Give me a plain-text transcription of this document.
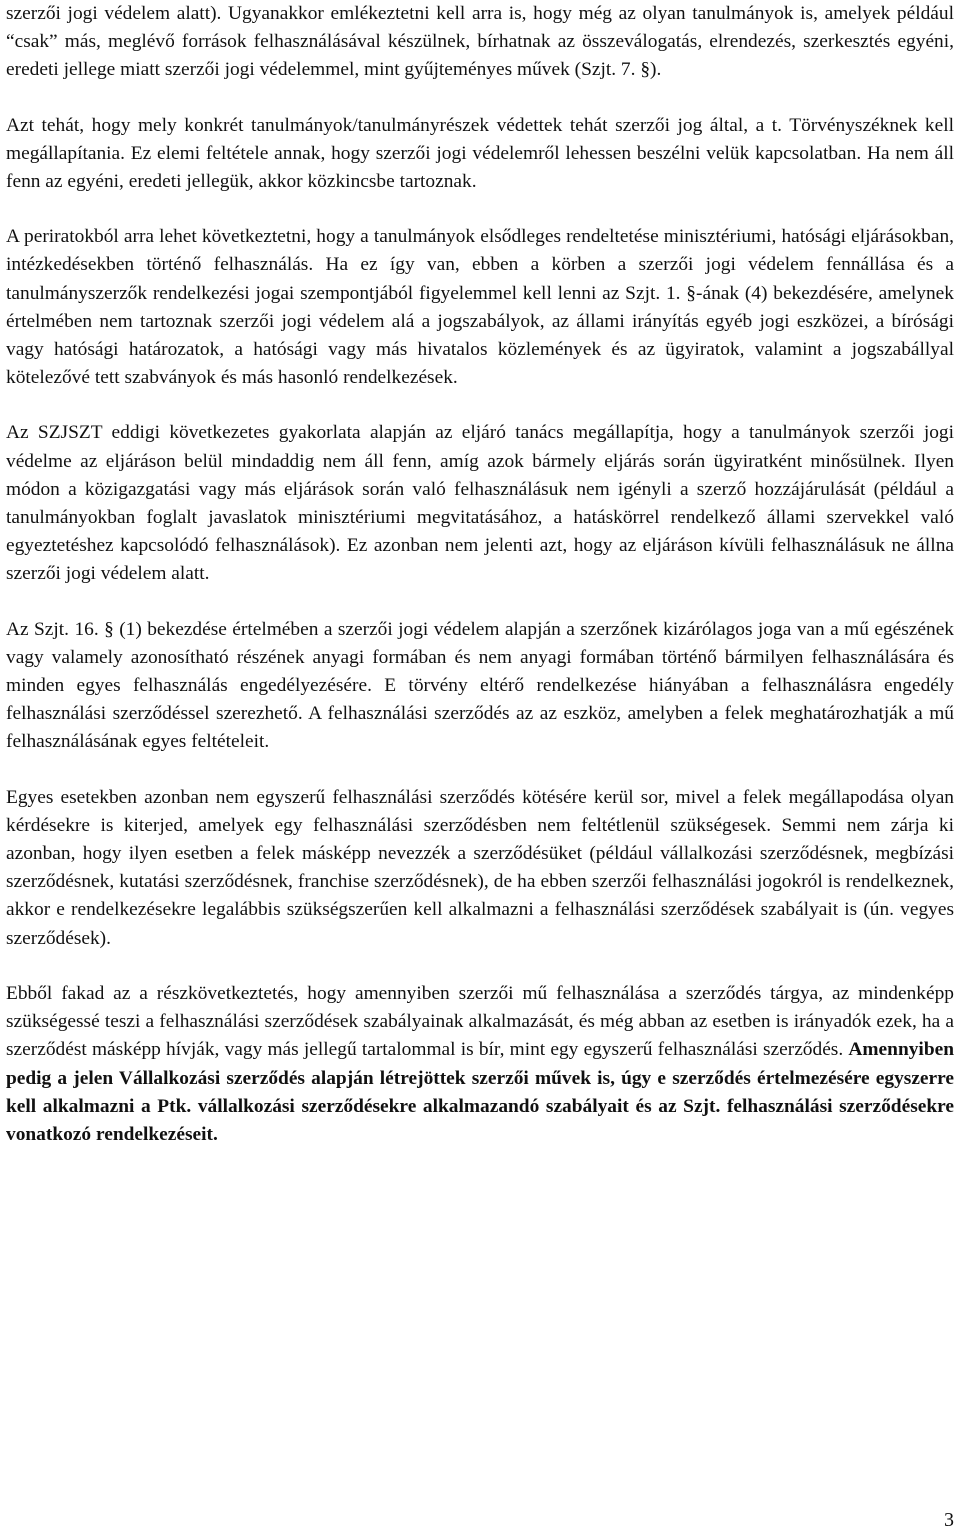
szerzői jogi védelem alatt). Ugyanakkor emlékeztetni kell arra is, hogy még az olyan tanulmányok is, amelyek például “csak” más, meglévő források felhasználásával készülnek, bírhatnak az összeválogatás, elrendezés, szerkesztés egyéni, eredeti jellege miatt szerzői jogi védelemmel, mint gyűjteményes művek (Szjt. 7. §).

Azt tehát, hogy mely konkrét tanulmányok/tanulmányrészek védettek tehát szerzői jog által, a t. Törvényszéknek kell megállapítania. Ez elemi feltétele annak, hogy szerzői jogi védelemről lehessen beszélni velük kapcsolatban. Ha nem áll fenn az egyéni, eredeti jellegük, akkor közkincsbe tartoznak.

A periratokból arra lehet következtetni, hogy a tanulmányok elsődleges rendeltetése minisztériumi, hatósági eljárásokban, intézkedésekben történő felhasználás. Ha ez így van, ebben a körben a szerzői jogi védelem fennállása és a tanulmányszerzők rendelkezési jogai szempontjából figyelemmel kell lenni az Szjt. 1. §-ának (4) bekezdésére, amelynek értelmében nem tartoznak szerzői jogi védelem alá a jogszabályok, az állami irányítás egyéb jogi eszközei, a bírósági vagy hatósági határozatok, a hatósági vagy más hivatalos közlemények és az ügyiratok, valamint a jogszabállyal kötelezővé tett szabványok és más hasonló rendelkezések.

Az SZJSZT eddigi következetes gyakorlata alapján az eljáró tanács megállapítja, hogy a tanulmányok szerzői jogi védelme az eljáráson belül mindaddig nem áll fenn, amíg azok bármely eljárás során ügyiratként minősülnek. Ilyen módon a közigazgatási vagy más eljárások során való felhasználásuk nem igényli a szerző hozzájárulását (például a tanulmányokban foglalt javaslatok minisztériumi megvitatásához, a hatáskörrel rendelkező állami szervekkel való egyeztetéshez kapcsolódó felhasználások). Ez azonban nem jelenti azt, hogy az eljáráson kívüli felhasználásuk ne állna szerzői jogi védelem alatt.

Az Szjt. 16. § (1) bekezdése értelmében a szerzői jogi védelem alapján a szerzőnek kizárólagos joga van a mű egészének vagy valamely azonosítható részének anyagi formában és nem anyagi formában történő bármilyen felhasználására és minden egyes felhasználás engedélyezésére. E törvény eltérő rendelkezése hiányában a felhasználásra engedély felhasználási szerződéssel szerezhető. A felhasználási szerződés az az eszköz, amelyben a felek meghatározhatják a mű felhasználásának egyes feltételeit.

Egyes esetekben azonban nem egyszerű felhasználási szerződés kötésére kerül sor, mivel a felek megállapodása olyan kérdésekre is kiterjed, amelyek egy felhasználási szerződésben nem feltétlenül szükségesek. Semmi nem zárja ki azonban, hogy ilyen esetben a felek másképp nevezzék a szerződésüket (például vállalkozási szerződésnek, megbízási szerződésnek, kutatási szerződésnek, franchise szerződésnek), de ha ebben szerzői felhasználási jogokról is rendelkeznek, akkor e rendelkezésekre legalábbis szükségszerűen kell alkalmazni a felhasználási szerződések szabályait is (ún. vegyes szerződések).

Ebből fakad az a részkövetkeztetés, hogy amennyiben szerzői mű felhasználása a szerződés tárgya, az mindenképp szükségessé teszi a felhasználási szerződések szabályainak alkalmazását, és még abban az esetben is irányadók ezek, ha a szerződést másképp hívják, vagy más jellegű tartalommal is bír, mint egy egyszerű felhasználási szerződés. Amennyiben pedig a jelen Vállalkozási szerződés alapján létrejöttek szerzői művek is, úgy e szerződés értelmezésére egyszerre kell alkalmazni a Ptk. vállalkozási szerződésekre alkalmazandó szabályait és az Szjt. felhasználási szerződésekre vonatkozó rendelkezéseit.

3
